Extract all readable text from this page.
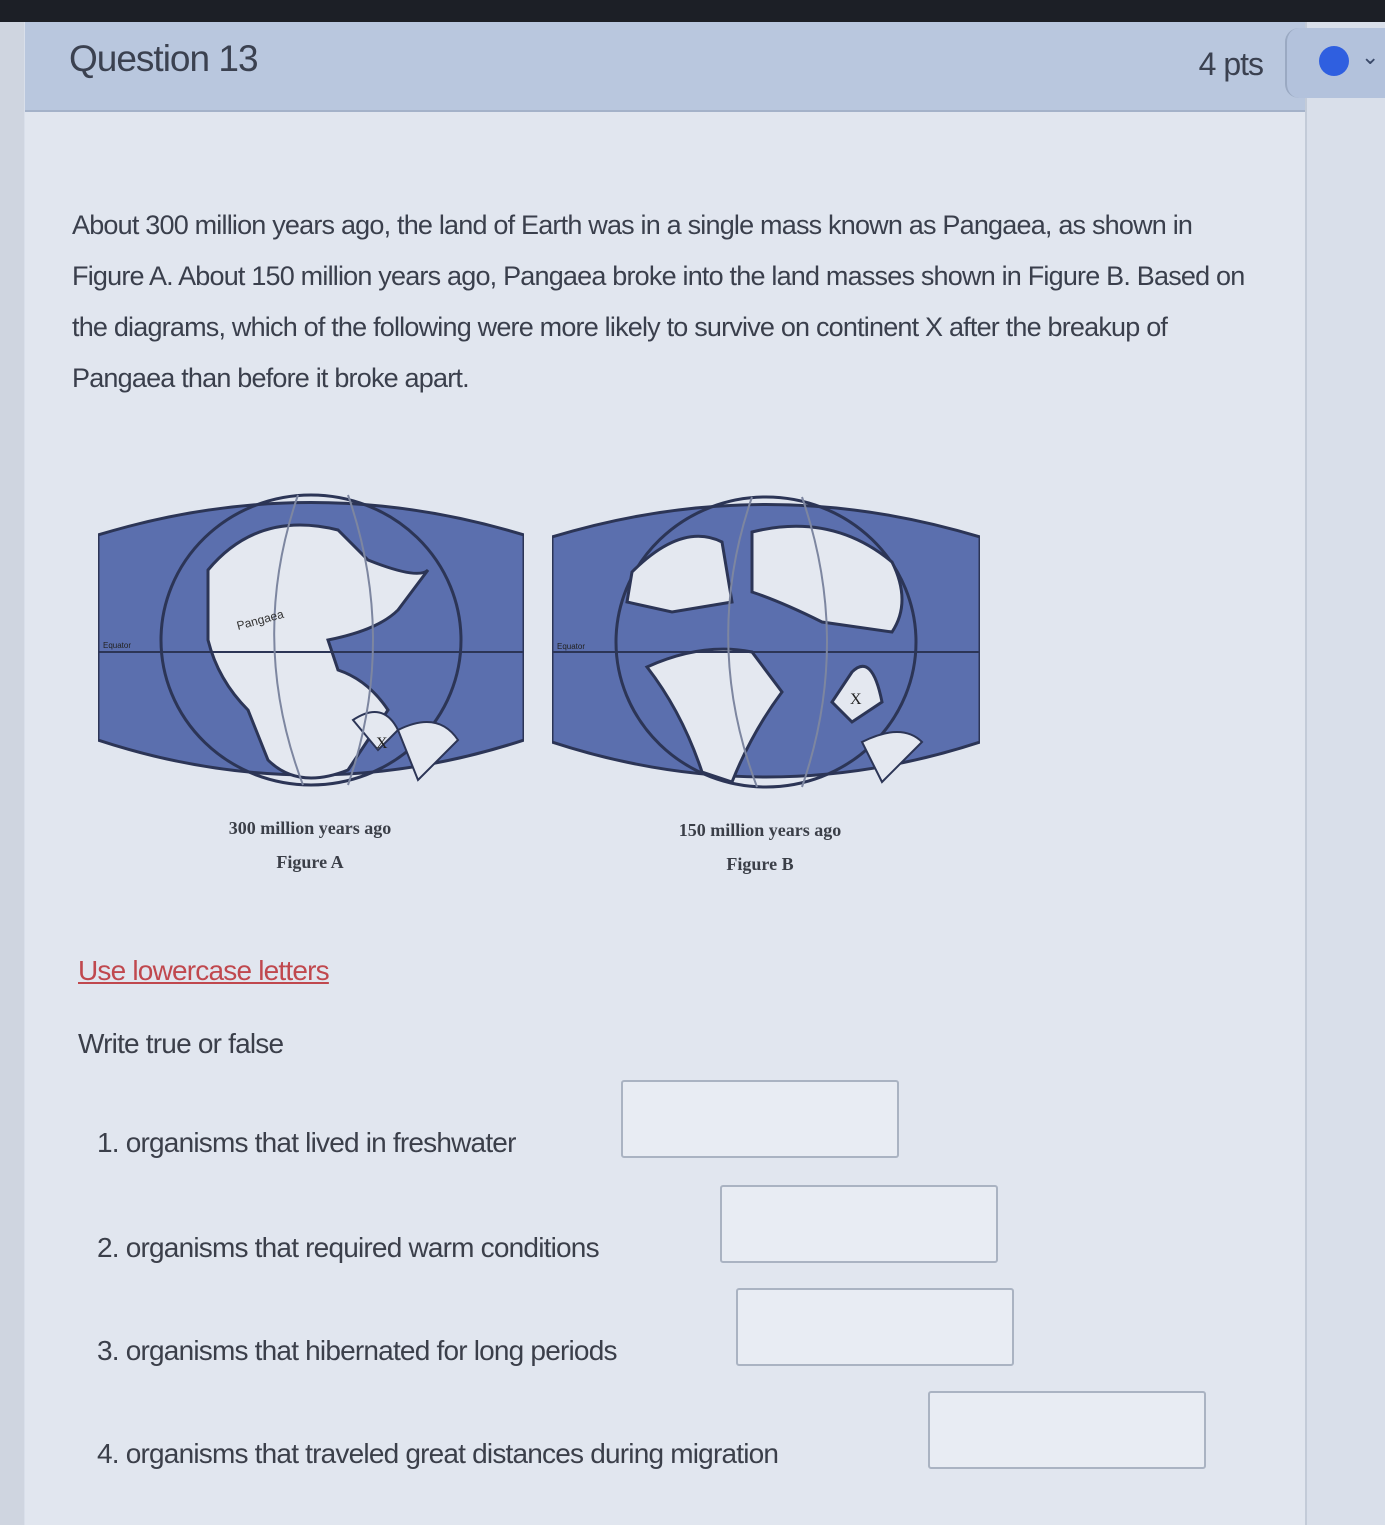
Question 13	4 pts
About 300 million years ago, the land of Earth was in a single mass known as Pangaea, as shown in Figure A. About 150 million years ago, Pangaea broke into the land masses shown in Figure B. Based on the diagrams, which of the following were more likely to survive on continent X after the breakup of Pangaea than before it broke apart.
Pangaea
Equator
X
300 million years ago
Figure A
Equator
X
150 million years ago
Figure B
Use lowercase letters
Write true or false
1. organisms that lived in freshwater
2. organisms that required warm conditions
3. organisms that hibernated for long periods
4. organisms that traveled great distances during migration
⌄
